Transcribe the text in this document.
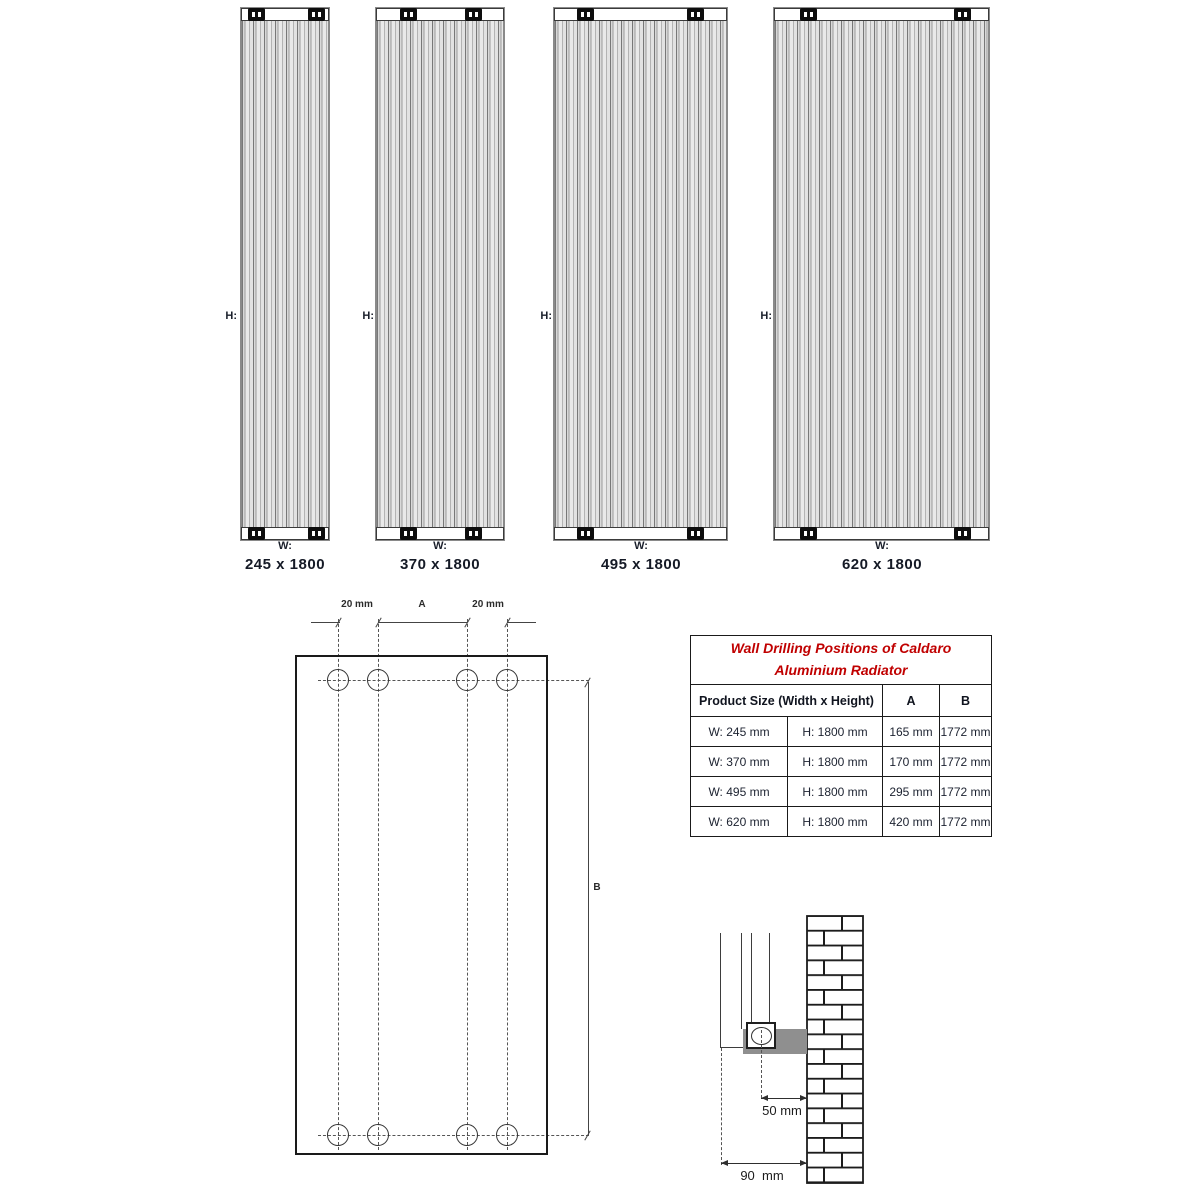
H:	H:	H:	H:
W:	W:	W:	W:
245 x 1800	370 x 1800	495 x 1800	620 x 1800
20 mm	A	20 mm
B
Wall Drilling Positions of Caldaro
Aluminium Radiator			
Product Size (Width x Height)		A	B
W: 245 mm	H: 1800 mm	165 mm	1772 mm
W: 370 mm	H: 1800 mm	170 mm	1772 mm
W: 495 mm	H: 1800 mm	295 mm	1772 mm
W: 620 mm	H: 1800 mm	420 mm	1772 mm
50 mm
90  mm
